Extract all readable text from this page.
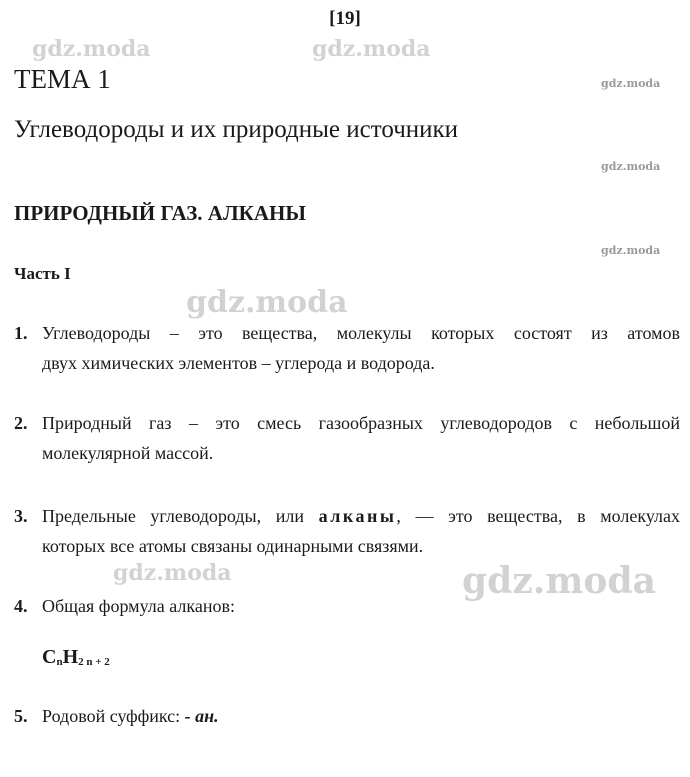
[19]
gdz.moda	gdz.moda
gdz.moda
gdz.moda
gdz.moda
gdz.moda
gdz.moda	gdz.moda
ТЕМА 1
Углеводороды и их природные источники
ПРИРОДНЫЙ ГАЗ. АЛКАНЫ
Часть I
1. Углеводороды – это вещества, молекулы которых состоят из атомов
двух химических элементов – углерода и водорода.
2. Природный газ – это смесь газообразных углеводородов с небольшой
молекулярной массой.
3. Предельные углеводороды, или алканы, — это вещества, в молекулах
которых все атомы связаны одинарными связями.
4. Общая формула алканов:
$C_nH_{2 n + 2}$
5. Родовой суффикс: - ан.
